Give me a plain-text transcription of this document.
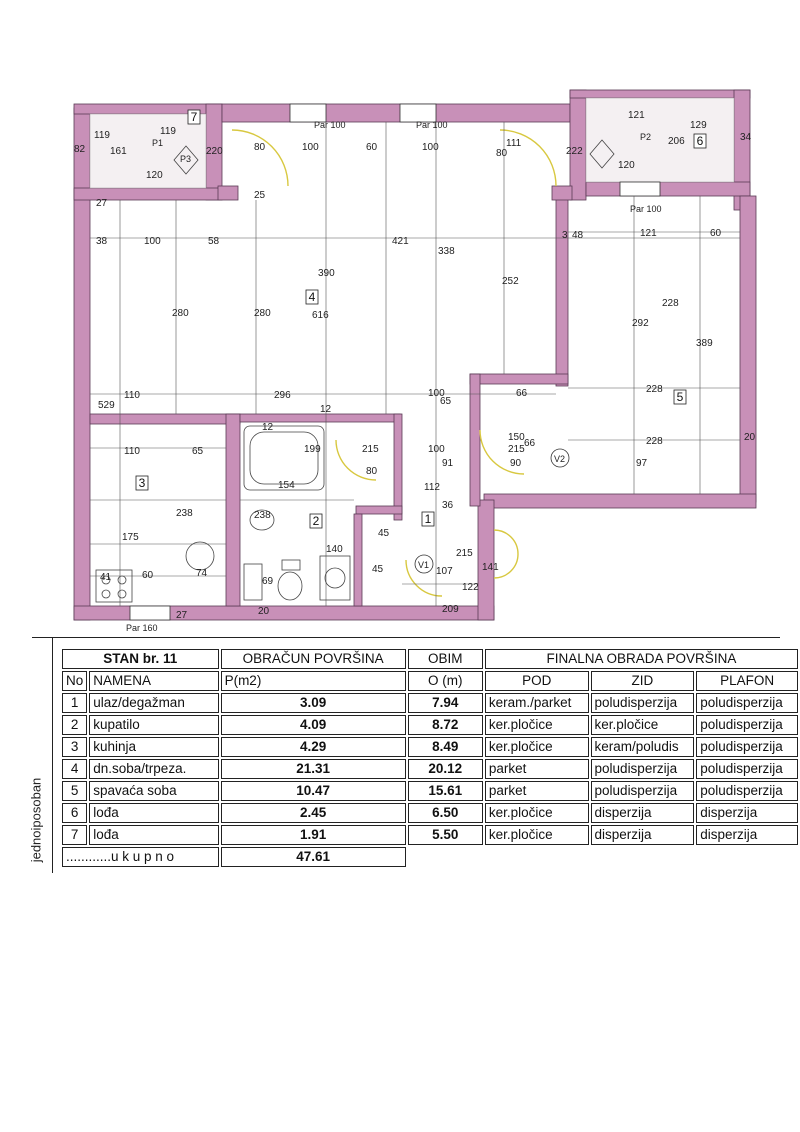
7
4
3
2	1
5
6
Par 160
Par 100	Par 100
Par 100
P1
P2
P3
V1
V2
421
338
390
616
280	280
292
389
296
228
228
228
252
529
238	238
175
110
110
100
100	100
100
100
58
60
60
60
38
12
12
65
65
66
66
97
150
91
112
36
140
154
199	215	215
215
45
45
209
20
20
27
27
25
80
80
80
90
120
120
121
129
206
161
119	119
111
220	222
74
69
41
34
82
48
3	121
107	141
122
jednoiposoban
STAN br. 11		OBRAČUN POVRŠINA	OBIM	FINALNA OBRADA POVRŠINA		
No	NAMENA	P(m2)	O (m)	POD	ZID	PLAFON
1	ulaz/degažman	3.09	7.94	keram./parket	poludisperzija	poludisperzija
2	kupatilo	4.09	8.72	ker.pločice	ker.pločice	poludisperzija
3	kuhinja	4.29	8.49	ker.pločice	keram/poludis	poludisperzija
4	dn.soba/trpeza.	21.31	20.12	parket	poludisperzija	poludisperzija
5	spavaća soba	10.47	15.61	parket	poludisperzija	poludisperzija
6	lođa	2.45	6.50	ker.pločice	disperzija	disperzija
7	lođa	1.91	5.50	ker.pločice	disperzija	disperzija
............u k u p n o		47.61				
